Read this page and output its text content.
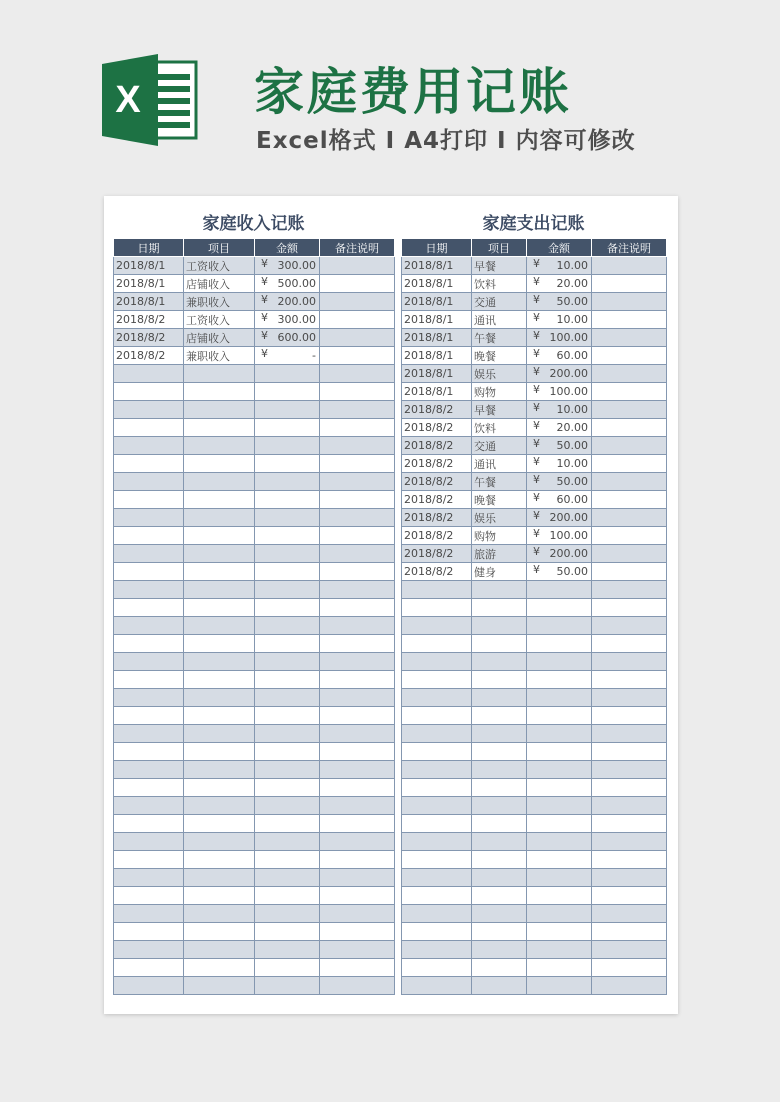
X 家庭费用记账
Excel格式 I A4打印 I 内容可修改
家庭收入记账
日期	项目	金额	备注说明
2018/8/1	工资收入	¥ 300.00	
2018/8/1	店铺收入	¥ 500.00	
2018/8/1	兼职收入	¥ 200.00	
2018/8/2	工资收入	¥ 300.00	
2018/8/2	店铺收入	¥ 600.00	
2018/8/2	兼职收入	¥ -	

家庭支出记账
日期	项目	金额	备注说明
2018/8/1	早餐	¥ 10.00	
2018/8/1	饮料	¥ 20.00	
2018/8/1	交通	¥ 50.00	
2018/8/1	通讯	¥ 10.00	
2018/8/1	午餐	¥ 100.00	
2018/8/1	晚餐	¥ 60.00	
2018/8/1	娱乐	¥ 200.00	
2018/8/1	购物	¥ 100.00	
2018/8/2	早餐	¥ 10.00	
2018/8/2	饮料	¥ 20.00	
2018/8/2	交通	¥ 50.00	
2018/8/2	通讯	¥ 10.00	
2018/8/2	午餐	¥ 50.00	
2018/8/2	晚餐	¥ 60.00	
2018/8/2	娱乐	¥ 200.00	
2018/8/2	购物	¥ 100.00	
2018/8/2	旅游	¥ 200.00	
2018/8/2	健身	¥ 50.00	
